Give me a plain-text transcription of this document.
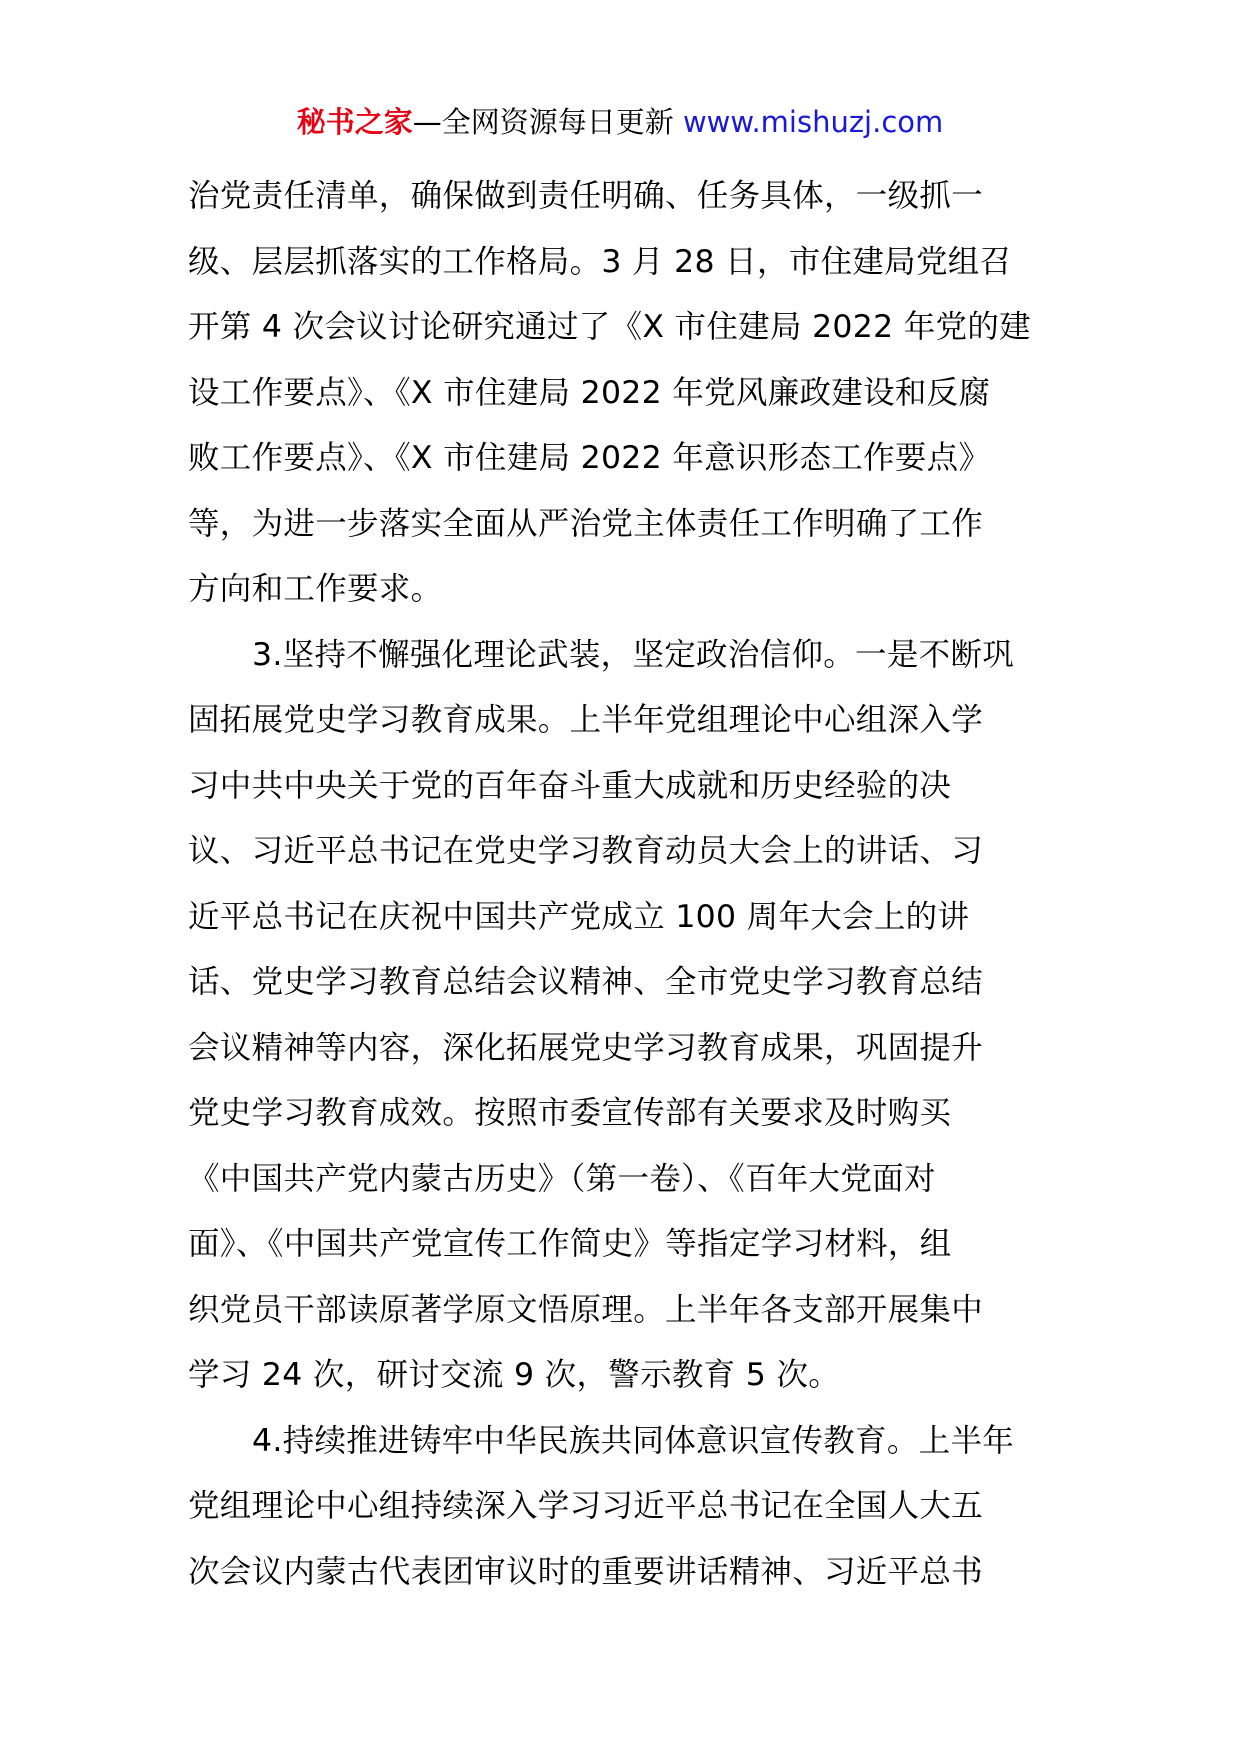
秘书之家—全网资源每日更新 www.mishuzj.com
治党责任清单，确保做到责任明确、任务具体，一级抓一
级、层层抓落实的工作格局。3 月 28 日，市住建局党组召
开第 4 次会议讨论研究通过了《X 市住建局 2022 年党的建
设工作要点》、《X 市住建局 2022 年党风廉政建设和反腐
败工作要点》、《X 市住建局 2022 年意识形态工作要点》
等，为进一步落实全面从严治党主体责任工作明确了工作
方向和工作要求。
3.坚持不懈强化理论武装，坚定政治信仰。一是不断巩
固拓展党史学习教育成果。上半年党组理论中心组深入学
习中共中央关于党的百年奋斗重大成就和历史经验的决
议、习近平总书记在党史学习教育动员大会上的讲话、习
近平总书记在庆祝中国共产党成立 100 周年大会上的讲
话、党史学习教育总结会议精神、全市党史学习教育总结
会议精神等内容，深化拓展党史学习教育成果，巩固提升
党史学习教育成效。按照市委宣传部有关要求及时购买
《中国共产党内蒙古历史》（第一卷）、《百年大党面对
面》、《中国共产党宣传工作简史》等指定学习材料，组
织党员干部读原著学原文悟原理。上半年各支部开展集中
学习 24 次，研讨交流 9 次，警示教育 5 次。
4.持续推进铸牢中华民族共同体意识宣传教育。上半年
党组理论中心组持续深入学习习近平总书记在全国人大五
次会议内蒙古代表团审议时的重要讲话精神、习近平总书
